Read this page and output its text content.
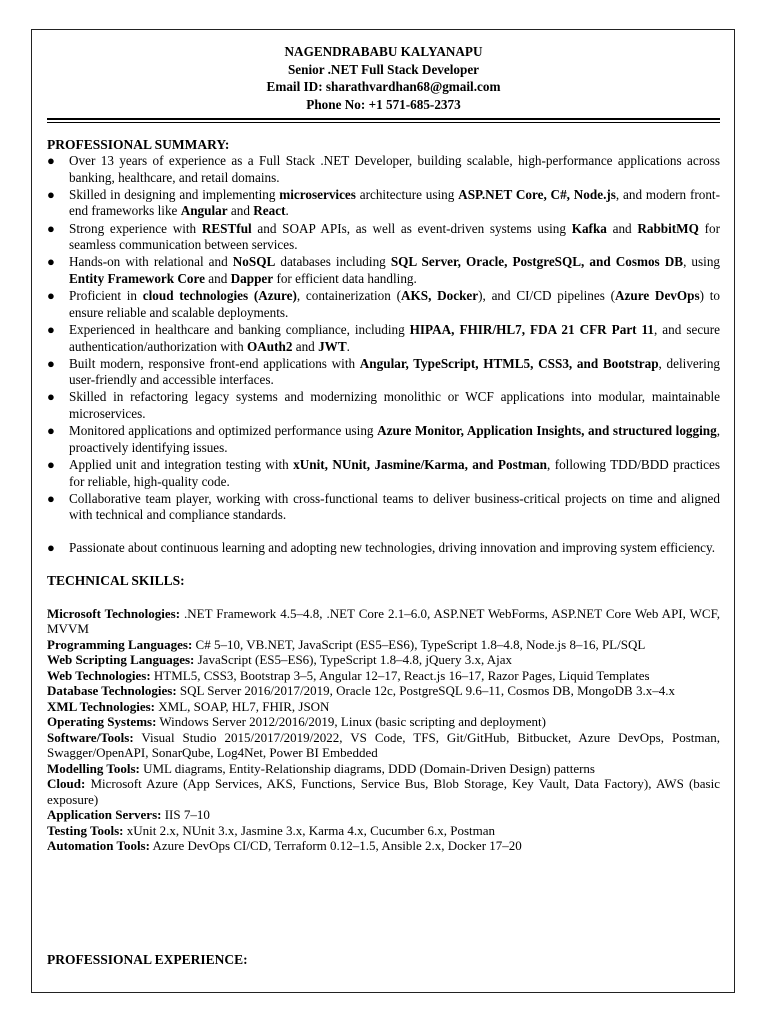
NAGENDRABABU KALYANAPU
Senior .NET Full Stack Developer
Email ID: sharathvardhan68@gmail.com
Phone No: +1 571-685-2373
PROFESSIONAL SUMMARY:
● Over 13 years of experience as a Full Stack .NET Developer, building scalable, high-performance applications across banking, healthcare, and retail domains.
● Skilled in designing and implementing microservices architecture using ASP.NET Core, C#, Node.js, and modern front-end frameworks like Angular and React.
● Strong experience with RESTful and SOAP APIs, as well as event-driven systems using Kafka and RabbitMQ for seamless communication between services.
● Hands-on with relational and NoSQL databases including SQL Server, Oracle, PostgreSQL, and Cosmos DB, using Entity Framework Core and Dapper for efficient data handling.
● Proficient in cloud technologies (Azure), containerization (AKS, Docker), and CI/CD pipelines (Azure DevOps) to ensure reliable and scalable deployments.
● Experienced in healthcare and banking compliance, including HIPAA, FHIR/HL7, FDA 21 CFR Part 11, and secure authentication/authorization with OAuth2 and JWT.
● Built modern, responsive front-end applications with Angular, TypeScript, HTML5, CSS3, and Bootstrap, delivering user-friendly and accessible interfaces.
● Skilled in refactoring legacy systems and modernizing monolithic or WCF applications into modular, maintainable microservices.
● Monitored applications and optimized performance using Azure Monitor, Application Insights, and structured logging, proactively identifying issues.
● Applied unit and integration testing with xUnit, NUnit, Jasmine/Karma, and Postman, following TDD/BDD practices for reliable, high-quality code.
● Collaborative team player, working with cross-functional teams to deliver business-critical projects on time and aligned with technical and compliance standards.
● Passionate about continuous learning and adopting new technologies, driving innovation and improving system efficiency.
TECHNICAL SKILLS:
Microsoft Technologies: .NET Framework 4.5–4.8, .NET Core 2.1–6.0, ASP.NET WebForms, ASP.NET Core Web API, WCF, MVVM
Programming Languages: C# 5–10, VB.NET, JavaScript (ES5–ES6), TypeScript 1.8–4.8, Node.js 8–16, PL/SQL
Web Scripting Languages: JavaScript (ES5–ES6), TypeScript 1.8–4.8, jQuery 3.x, Ajax
Web Technologies: HTML5, CSS3, Bootstrap 3–5, Angular 12–17, React.js 16–17, Razor Pages, Liquid Templates
Database Technologies: SQL Server 2016/2017/2019, Oracle 12c, PostgreSQL 9.6–11, Cosmos DB, MongoDB 3.x–4.x
XML Technologies: XML, SOAP, HL7, FHIR, JSON
Operating Systems: Windows Server 2012/2016/2019, Linux (basic scripting and deployment)
Software/Tools: Visual Studio 2015/2017/2019/2022, VS Code, TFS, Git/GitHub, Bitbucket, Azure DevOps, Postman, Swagger/OpenAPI, SonarQube, Log4Net, Power BI Embedded
Modelling Tools: UML diagrams, Entity-Relationship diagrams, DDD (Domain-Driven Design) patterns
Cloud: Microsoft Azure (App Services, AKS, Functions, Service Bus, Blob Storage, Key Vault, Data Factory), AWS (basic exposure)
Application Servers: IIS 7–10
Testing Tools: xUnit 2.x, NUnit 3.x, Jasmine 3.x, Karma 4.x, Cucumber 6.x, Postman
Automation Tools: Azure DevOps CI/CD, Terraform 0.12–1.5, Ansible 2.x, Docker 17–20
PROFESSIONAL EXPERIENCE:
